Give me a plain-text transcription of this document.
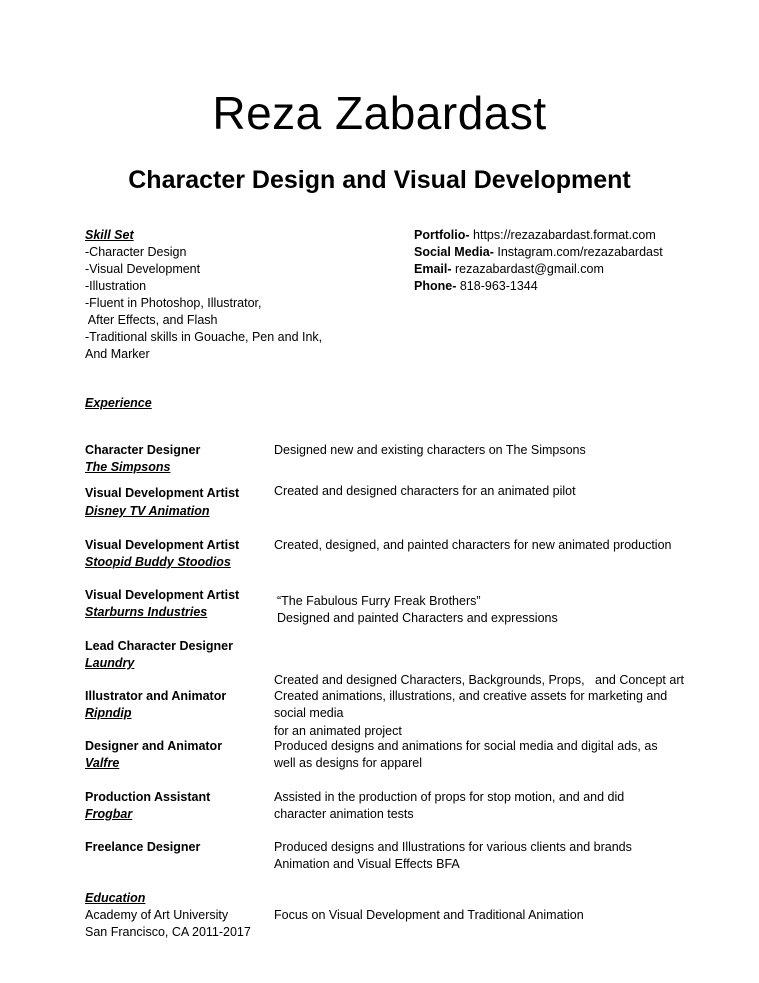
Reza Zabardast
Character Design and Visual Development
Skill Set
-Character Design
-Visual Development
-Illustration
-Fluent in Photoshop, Illustrator,
After Effects, and Flash
-Traditional skills in Gouache, Pen and Ink,
And Marker
Portfolio- https://rezazabardast.format.com
Social Media- Instagram.com/rezazabardast
Email- rezazabardast@gmail.com
Phone- 818-963-1344
Experience
Character Designer
The Simpsons
Designed new and existing characters on The Simpsons
Visual Development Artist
Disney TV Animation
Created and designed characters for an animated pilot
Visual Development Artist
Stoopid Buddy Stoodios
Created, designed, and painted characters for new animated production
Visual Development Artist
Starburns Industries
“The Fabulous Furry Freak Brothers”
Designed and painted Characters and expressions
Lead Character Designer
Laundry

Created and designed Characters, Backgrounds, Props,   and Concept art

for an animated project

Illustrator and Animator
Ripndip
Created animations, illustrations, and creative assets for marketing and
social media
Designer and Animator
Valfre
Produced designs and animations for social media and digital ads, as
well as designs for apparel
Production Assistant
Frogbar
Assisted in the production of props for stop motion, and and did
character animation tests
Freelance Designer	Produced designs and Illustrations for various clients and brands
Animation and Visual Effects BFA
Education
Academy of Art University
San Francisco, CA 2011-2017
Focus on Visual Development and Traditional Animation
